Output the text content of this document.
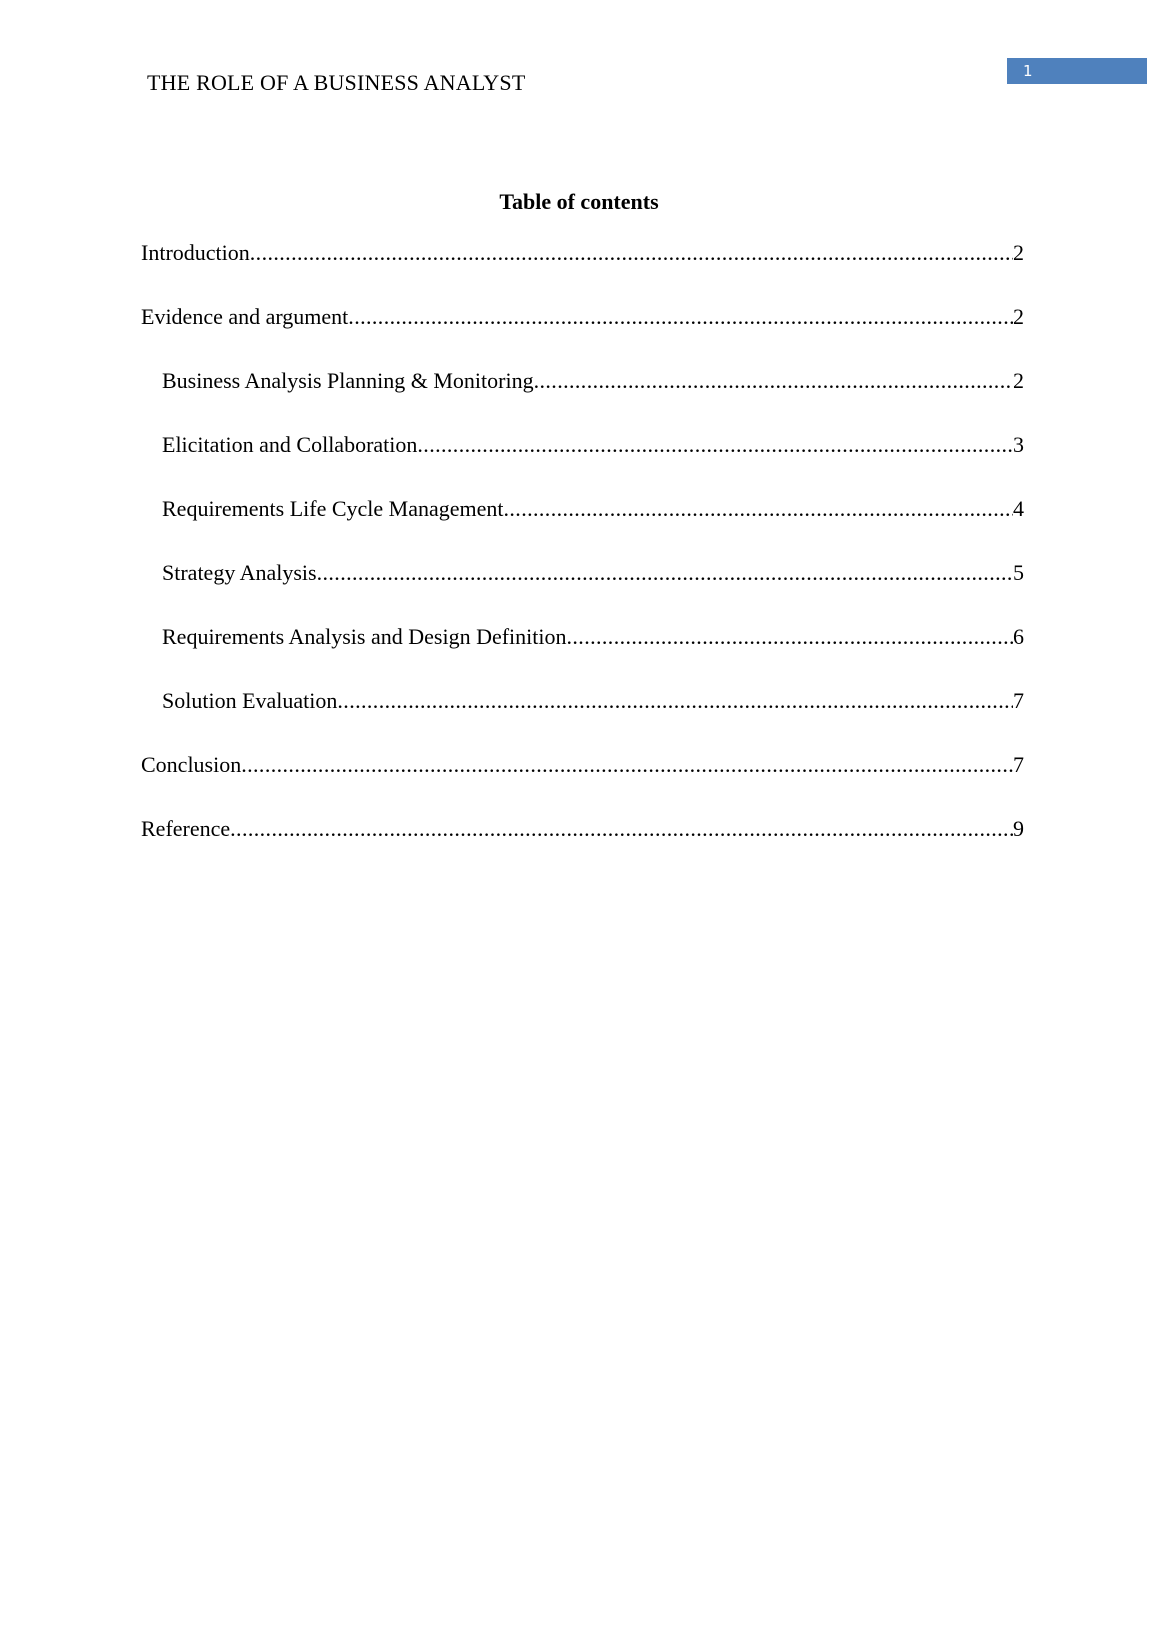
THE ROLE OF A BUSINESS ANALYST	1
Table of contents
Introduction .....	2
Evidence and argument .....	2
Business Analysis Planning & Monitoring .....	2
Elicitation and Collaboration .....	3
Requirements Life Cycle Management .....	4
Strategy Analysis .....	5
Requirements Analysis and Design Definition .....	6
Solution Evaluation .....	7
Conclusion .....	7
Reference .....	9
